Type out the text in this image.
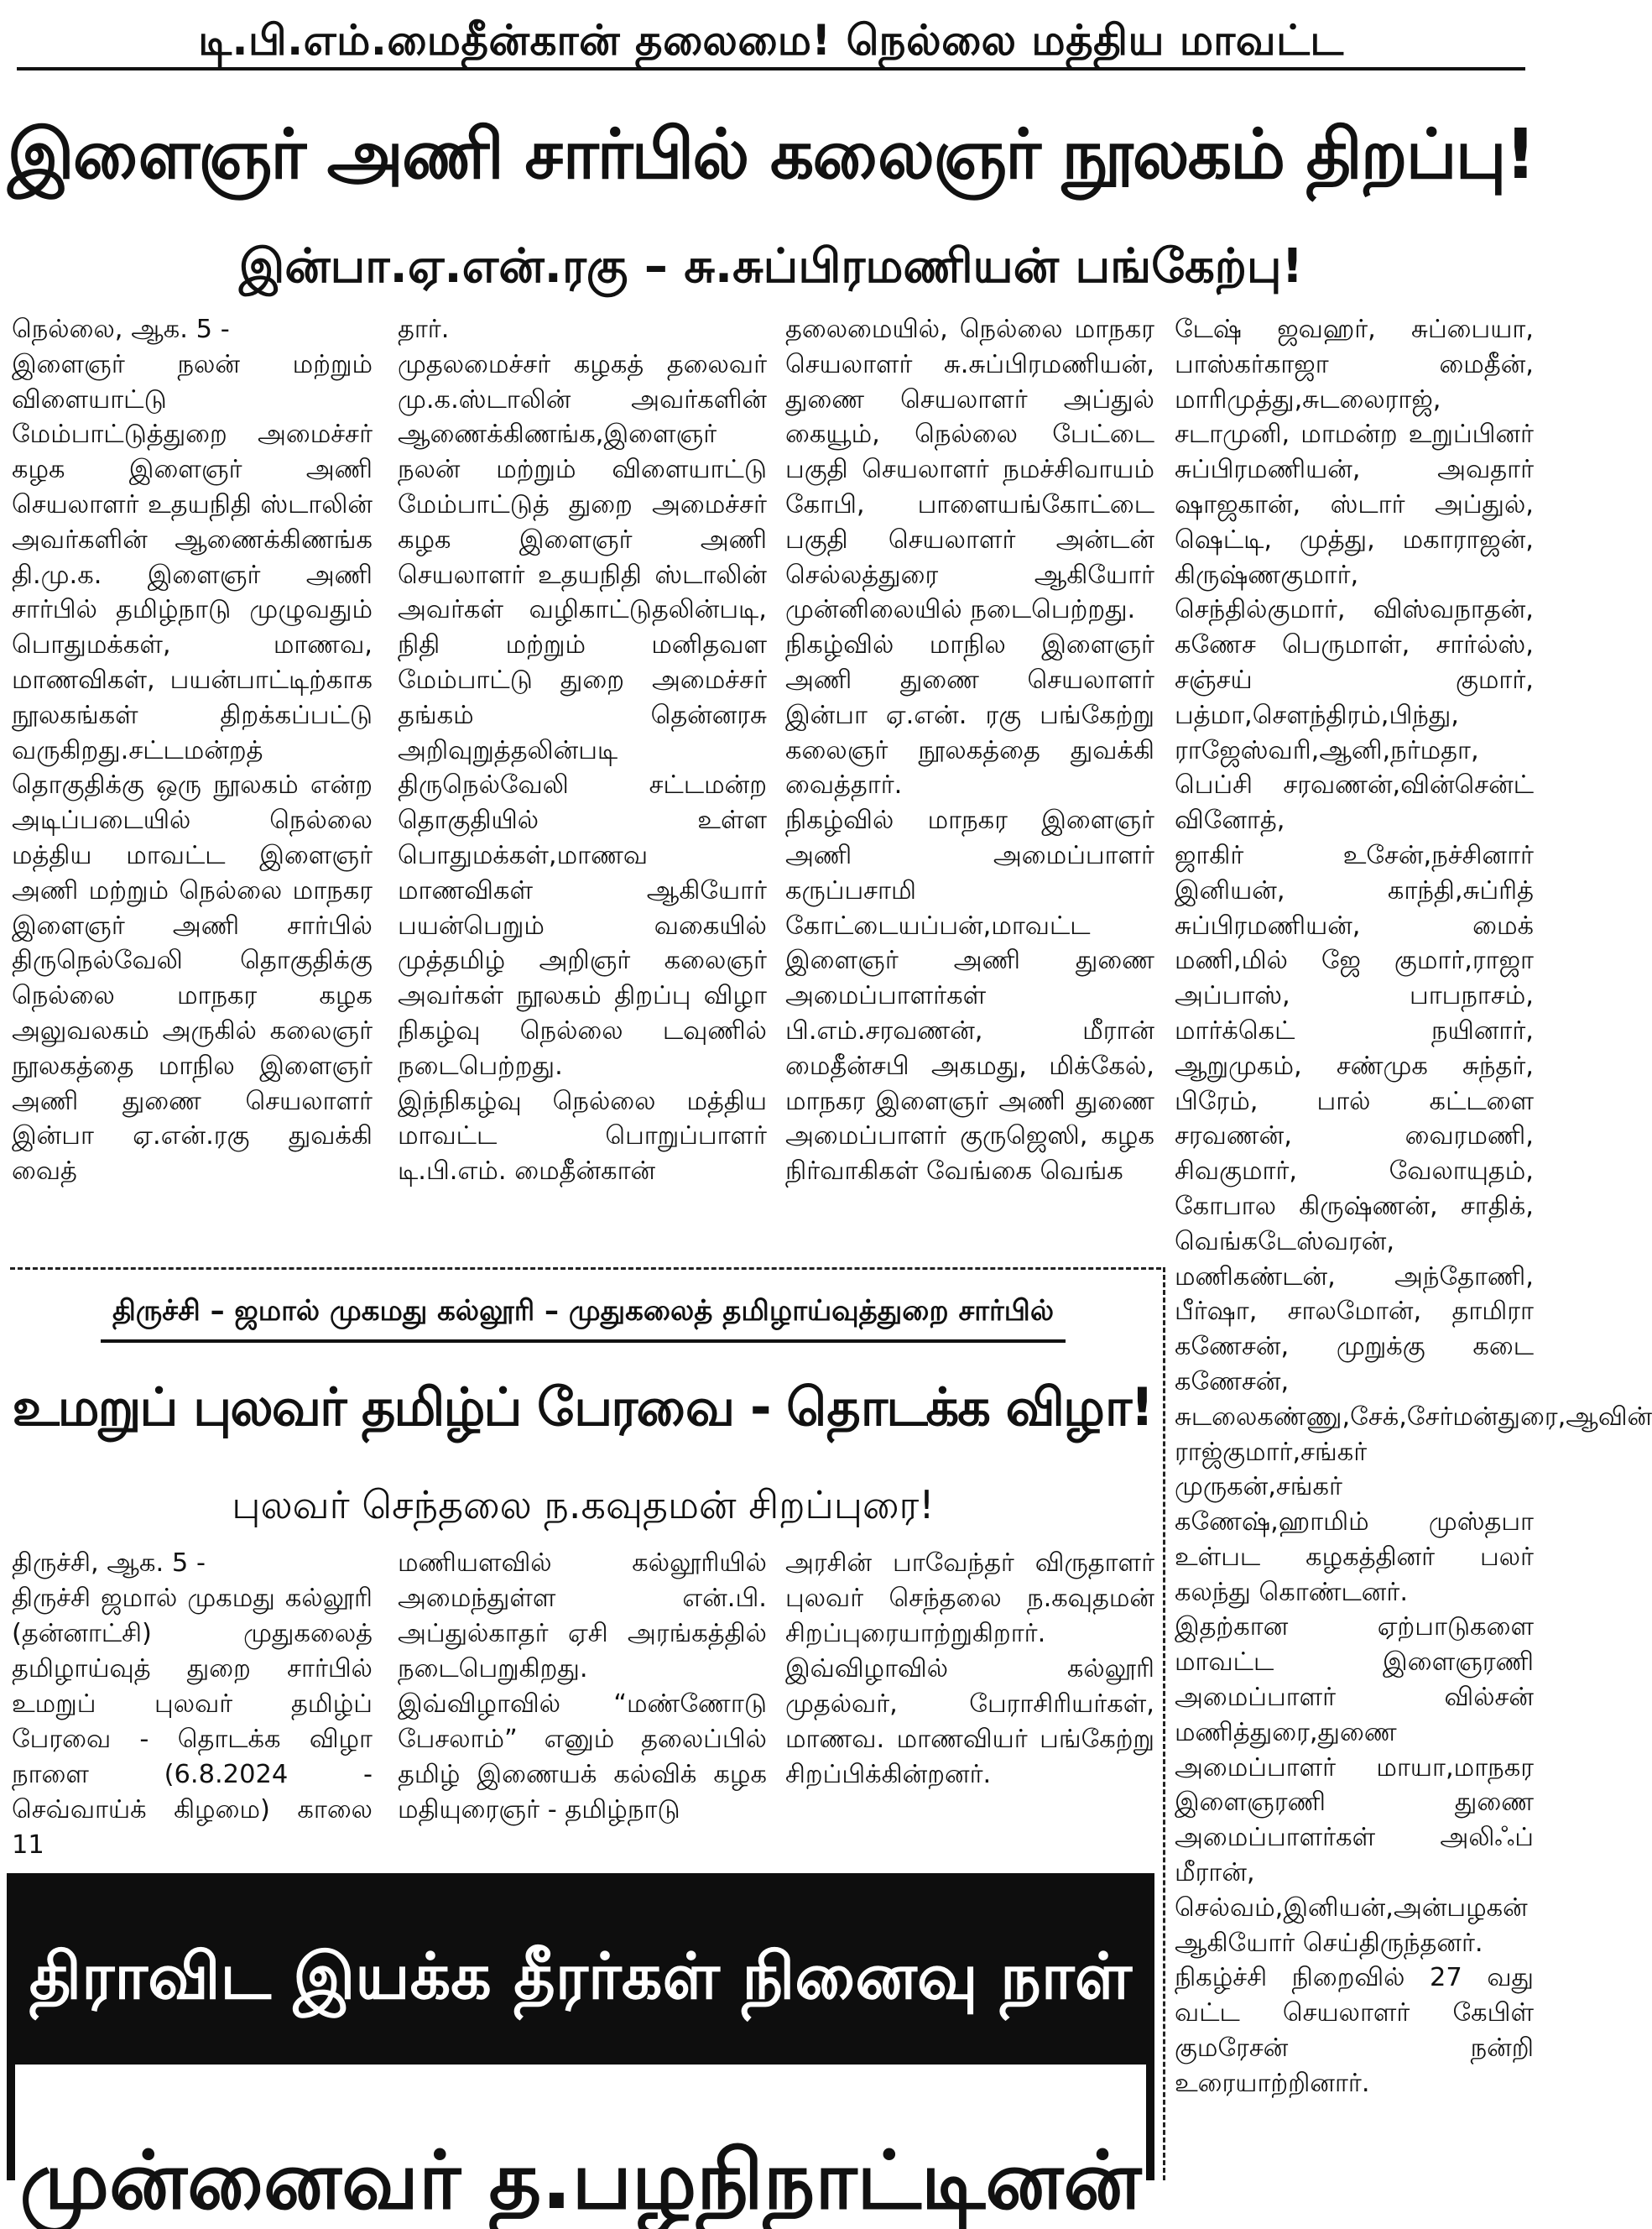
டி.பி.எம்.மைதீன்கான் தலைமை! நெல்லை மத்திய மாவட்ட
இளைஞர் அணி சார்பில் கலைஞர் நூலகம் திறப்பு!
இன்பா.ஏ.என்.ரகு – சு.சுப்பிரமணியன் பங்கேற்பு!

நெல்லை, ஆக. 5 -

இளைஞர் நலன் மற்றும் விளையாட்டு மேம்பாட்டுத்துறை அமைச்சர் கழக இளைஞர் அணி செயலாளர் உதயநிதி ஸ்டாலின் அவர்களின் ஆணைக்கிணங்க தி.மு.க. இளைஞர் அணி சார்பில் தமிழ்நாடு முழுவதும் பொதுமக்கள், மாணவ, மாணவிகள், பயன்பாட்டிற்காக நூலகங்கள் திறக்கப்பட்டு வருகிறது.சட்டமன்றத் தொகுதிக்கு ஒரு நூலகம் என்ற அடிப்படையில் நெல்லை மத்திய மாவட்ட இளைஞர் அணி மற்றும் நெல்லை மாநகர இளைஞர் அணி சார்பில் திருநெல்வேலி தொகுதிக்கு நெல்லை மாநகர கழக அலுவலகம் அருகில் கலைஞர் நூலகத்தை மாநில இளைஞர் அணி துணை செயலாளர் இன்பா ஏ.என்.ரகு துவக்கி வைத்

தார்.

முதலமைச்சர் கழகத் தலைவர் மு.க.ஸ்டாலின் அவர்களின் ஆணைக்கிணங்க,இளைஞர் நலன் மற்றும் விளையாட்டு மேம்பாட்டுத் துறை அமைச்சர் கழக இளைஞர் அணி செயலாளர் உதயநிதி ஸ்டாலின் அவர்கள் வழிகாட்டுதலின்படி, நிதி மற்றும் மனிதவள மேம்பாட்டு துறை அமைச்சர் தங்கம் தென்னரசு அறிவுறுத்தலின்படி திருநெல்வேலி சட்டமன்ற தொகுதியில் உள்ள பொதுமக்கள்,மாணவ மாணவிகள் ஆகியோர் பயன்பெறும் வகையில் முத்தமிழ் அறிஞர் கலைஞர் அவர்கள் நூலகம் திறப்பு விழா நிகழ்வு நெல்லை டவுணில் நடைபெற்றது.

இந்நிகழ்வு நெல்லை மத்திய மாவட்ட பொறுப்பாளர் டி.பி.எம். மைதீன்கான்

தலைமையில், நெல்லை மாநகர செயலாளர் சு.சுப்பிரமணியன், துணை செயலாளர் அப்துல் கையூம், நெல்லை பேட்டை பகுதி செயலாளர் நமச்சிவாயம் கோபி, பாளையங்கோட்டை பகுதி செயலாளர் அன்டன் செல்லத்துரை ஆகியோர் முன்னிலையில் நடைபெற்றது.

நிகழ்வில் மாநில இளைஞர் அணி துணை செயலாளர் இன்பா ஏ.என். ரகு பங்கேற்று கலைஞர் நூலகத்தை துவக்கி வைத்தார்.

நிகழ்வில் மாநகர இளைஞர் அணி அமைப்பாளர் கருப்பசாமி கோட்டையப்பன்,மாவட்ட இளைஞர் அணி துணை அமைப்பாளர்கள் பி.எம்.சரவணன், மீரான் மைதீன்சபி அகமது, மிக்கேல், மாநகர இளைஞர் அணி துணை அமைப்பாளர் குருஜெஸி, கழக நிர்வாகிகள் வேங்கை வெங்க

டேஷ் ஜவஹர், சுப்பையா, பாஸ்கர்காஜா மைதீன், மாரிமுத்து,சுடலைராஜ், சடாமுனி, மாமன்ற உறுப்பினர் சுப்பிரமணியன், அவதார் ஷாஜகான், ஸ்டார் அப்துல், ஷெட்டி, முத்து, மகாராஜன், கிருஷ்ணகுமார், செந்தில்குமார், விஸ்வநாதன், கணேச பெருமாள், சார்ல்ஸ், சஞ்சய் குமார், பத்மா,சௌந்திரம்,பிந்து, ராஜேஸ்வரி,ஆனி,நர்மதா, பெப்சி சரவணன்,வின்சென்ட் வினோத்,

ஜாகிர் உசேன்,நச்சினார் இனியன், காந்தி,சுப்ரித் சுப்பிரமணியன், மைக் மணி,மில் ஜே குமார்,ராஜா அப்பாஸ், பாபநாசம், மார்க்கெட் நயினார், ஆறுமுகம், சண்முக சுந்தர், பிரேம், பால் கட்டளை சரவணன், வைரமணி, சிவகுமார், வேலாயுதம், கோபால கிருஷ்ணன், சாதிக், வெங்கடேஸ்வரன், மணிகண்டன், அந்தோணி, பீர்ஷா, சாலமோன், தாமிரா கணேசன், முறுக்கு கடை கணேசன், சுடலைகண்ணு,சேக்,சேர்மன்துரை,ஆவின் ராஜ்குமார்,சங்கர் முருகன்,சங்கர் கணேஷ்,ஹாமிம் முஸ்தபா உள்பட கழகத்தினர் பலர் கலந்து கொண்டனர்.

இதற்கான ஏற்பாடுகளை மாவட்ட இளைஞரணி அமைப்பாளர் வில்சன் மணித்துரை,துணை அமைப்பாளர் மாயா,மாநகர இளைஞரணி துணை அமைப்பாளர்கள் அலிஃப் மீரான், செல்வம்,இனியன்,அன்பழகன் ஆகியோர் செய்திருந்தனர்.

நிகழ்ச்சி நிறைவில் 27 வது வட்ட செயலாளர் கேபிள் குமரேசன் நன்றி உரையாற்றினார்.

திருச்சி – ஜமால் முகமது கல்லூரி – முதுகலைத் தமிழாய்வுத்துறை சார்பில்
உமறுப் புலவர் தமிழ்ப் பேரவை - தொடக்க விழா!
புலவர் செந்தலை ந.கவுதமன் சிறப்புரை!

திருச்சி, ஆக. 5 -

திருச்சி ஜமால் முகமது கல்லூரி (தன்னாட்சி) முதுகலைத் தமிழாய்வுத் துறை சார்பில் உமறுப் புலவர் தமிழ்ப் பேரவை - தொடக்க விழா நாளை (6.8.2024 - செவ்வாய்க் கிழமை) காலை 11

மணியளவில் கல்லூரியில் அமைந்துள்ள என்.பி. அப்துல்காதர் ஏசி அரங்கத்தில் நடைபெறுகிறது.

இவ்விழாவில் “மண்ணோடு பேசலாம்” எனும் தலைப்பில் தமிழ் இணையக் கல்விக் கழக மதியுரைஞர் - தமிழ்நாடு

அரசின் பாவேந்தர் விருதாளர் புலவர் செந்தலை ந.கவுதமன் சிறப்புரையாற்றுகிறார்.

இவ்விழாவில் கல்லூரி முதல்வர், பேராசிரியர்கள், மாணவ. மாணவியர் பங்கேற்று சிறப்பிக்கின்றனர்.

திராவிட இயக்க தீரர்கள் நினைவு நாள்
முன்னைவர் த.பழநிநாட்டினன்
